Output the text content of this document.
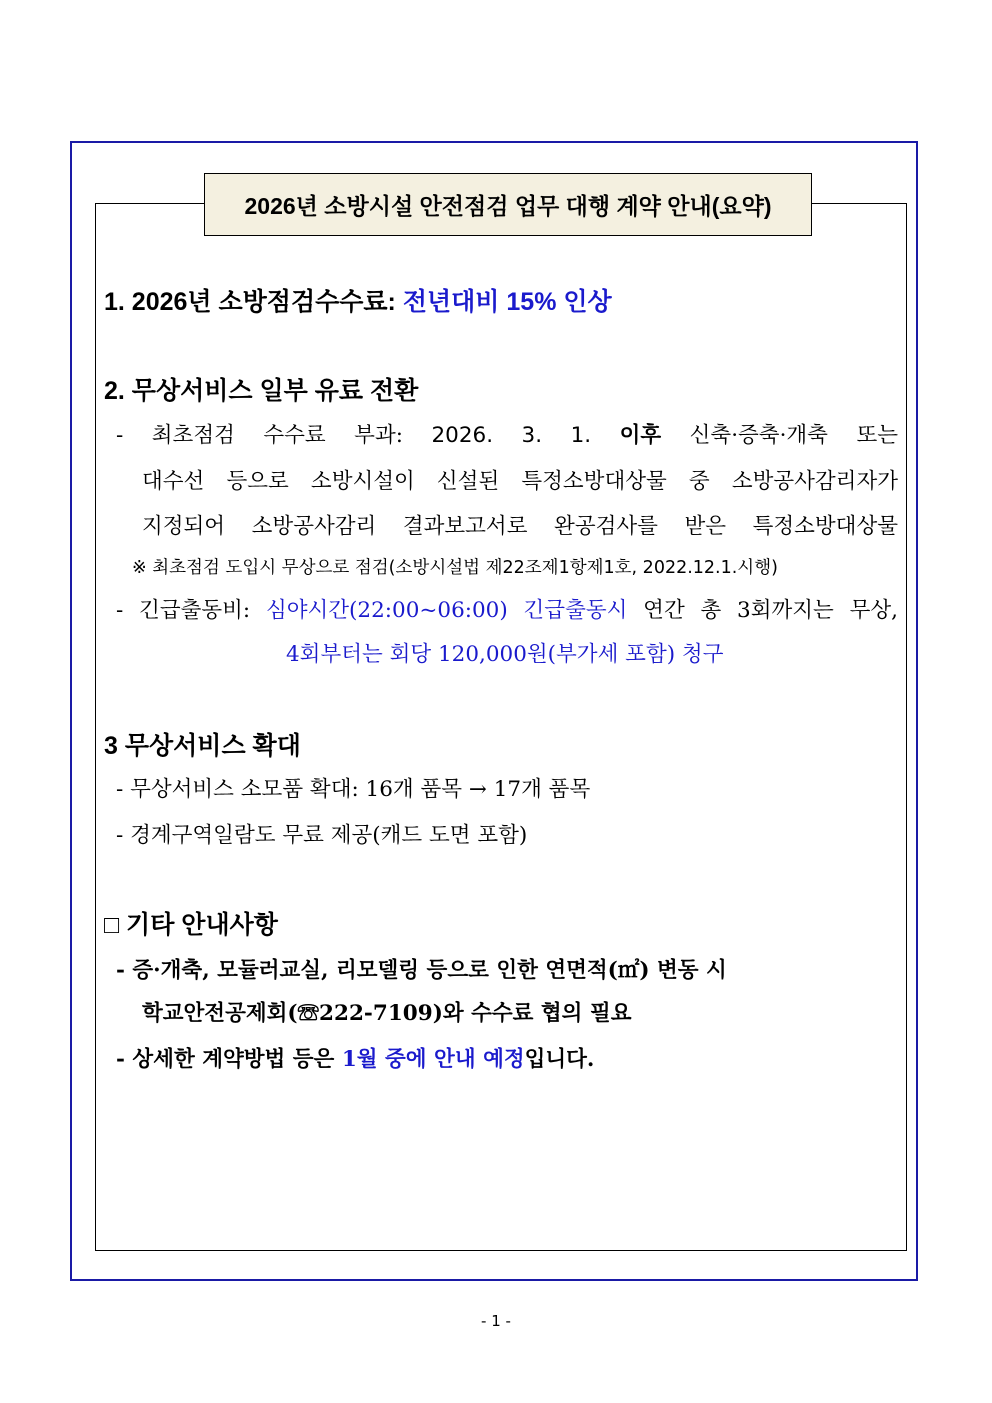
2026년 소방시설 안전점검 업무 대행 계약 안내(요약)
1. 2026년 소방점검수수료: 전년대비 15% 인상
2. 무상서비스 일부 유료 전환
- 최초점검 수수료 부과: 2026. 3. 1. 이후 신축·증축·개축 또는
대수선 등으로 소방시설이 신설된 특정소방대상물 중 소방공사감리자가
지정되어 소방공사감리 결과보고서로 완공검사를 받은 특정소방대상물
※ 최초점검 도입시 무상으로 점검(소방시설법 제22조제1항제1호, 2022.12.1.시행)
- 긴급출동비: 심야시간(22:00~06:00) 긴급출동시 연간 총 3회까지는 무상,
4회부터는 회당 120,000원(부가세 포함) 청구
3 무상서비스 확대
- 무상서비스 소모품 확대: 16개 품목 → 17개 품목
- 경계구역일람도 무료 제공(캐드 도면 포함)
□ 기타 안내사항
- 증·개축, 모듈러교실, 리모델링 등으로 인한 연면적(㎡) 변동 시
학교안전공제회(☏222-7109)와 수수료 협의 필요
- 상세한 계약방법 등은 1월 중에 안내 예정입니다.
- 1 -
